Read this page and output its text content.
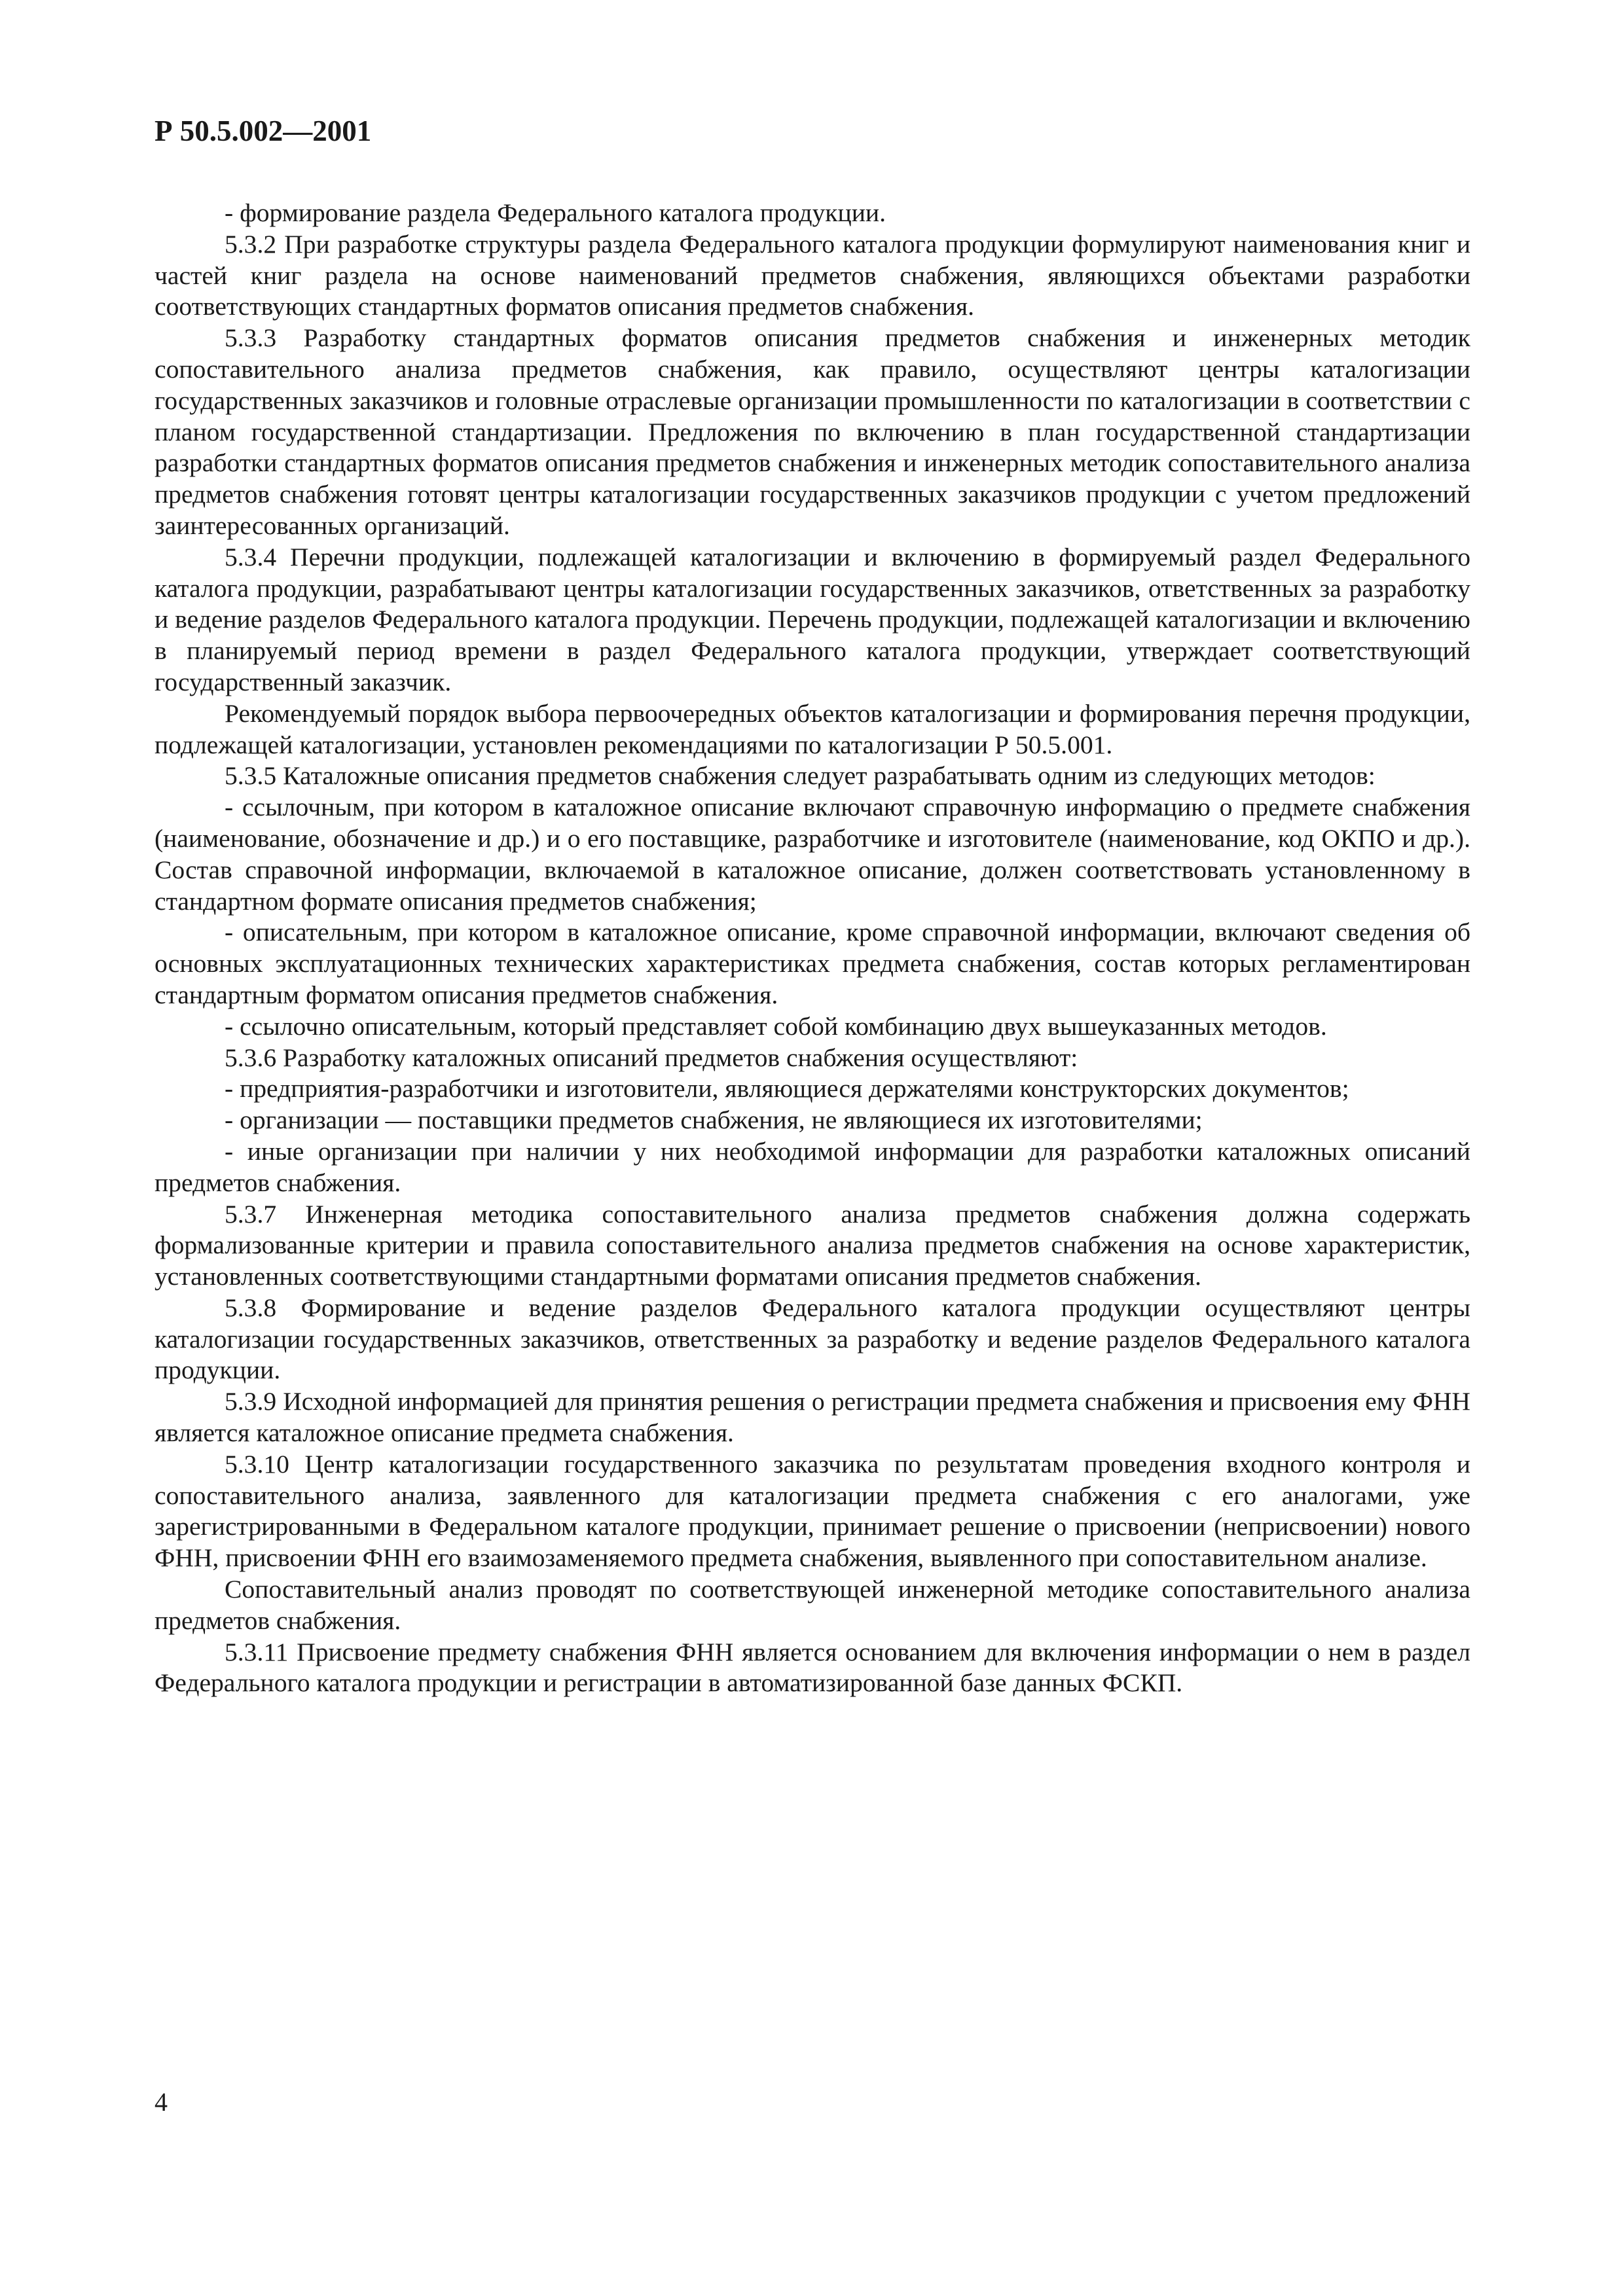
Р 50.5.002—2001

- формирование раздела Федерального каталога продукции.

5.3.2 При разработке структуры раздела Федерального каталога продукции формулируют наименования книг и частей книг раздела на основе наименований предметов снабжения, являющихся объектами разработки соответствующих стандартных форматов описания предметов снабжения.

5.3.3 Разработку стандартных форматов описания предметов снабжения и инженерных методик сопоставительного анализа предметов снабжения, как правило, осуществляют центры каталогизации государственных заказчиков и головные отраслевые организации промышленности по каталогизации в соответствии с планом государственной стандартизации. Предложения по включению в план государственной стандартизации разработки стандартных форматов описания предметов снабжения и инженерных методик сопоставительного анализа предметов снабжения готовят центры каталогизации государственных заказчиков продукции с учетом предложений заинтересованных организаций.

5.3.4 Перечни продукции, подлежащей каталогизации и включению в формируемый раздел Федерального каталога продукции, разрабатывают центры каталогизации государственных заказчиков, ответственных за разработку и ведение разделов Федерального каталога продукции. Перечень продукции, подлежащей каталогизации и включению в планируемый период времени в раздел Федерального каталога продукции, утверждает соответствующий государственный заказчик.

Рекомендуемый порядок выбора первоочередных объектов каталогизации и формирования перечня продукции, подлежащей каталогизации, установлен рекомендациями по каталогизации Р 50.5.001.

5.3.5 Каталожные описания предметов снабжения следует разрабатывать одним из следующих методов:

- ссылочным, при котором в каталожное описание включают справочную информацию о предмете снабжения (наименование, обозначение и др.) и о его поставщике, разработчике и изготовителе (наименование, код ОКПО и др.). Состав справочной информации, включаемой в каталожное описание, должен соответствовать установленному в стандартном формате описания предметов снабжения;

- описательным, при котором в каталожное описание, кроме справочной информации, включают сведения об основных эксплуатационных технических характеристиках предмета снабжения, состав которых регламентирован стандартным форматом описания предметов снабжения.

- ссылочно описательным, который представляет собой комбинацию двух вышеуказанных методов.

5.3.6 Разработку каталожных описаний предметов снабжения осуществляют:

- предприятия-разработчики и изготовители, являющиеся держателями конструкторских документов;

- организации — поставщики предметов снабжения, не являющиеся их изготовителями;

- иные организации при наличии у них необходимой информации для разработки каталожных описаний предметов снабжения.

5.3.7 Инженерная методика сопоставительного анализа предметов снабжения должна содержать формализованные критерии и правила сопоставительного анализа предметов снабжения на основе характеристик, установленных соответствующими стандартными форматами описания предметов снабжения.

5.3.8 Формирование и ведение разделов Федерального каталога продукции осуществляют центры каталогизации государственных заказчиков, ответственных за разработку и ведение разделов Федерального каталога продукции.

5.3.9 Исходной информацией для принятия решения о регистрации предмета снабжения и присвоения ему ФНН является каталожное описание предмета снабжения.

5.3.10 Центр каталогизации государственного заказчика по результатам проведения входного контроля и сопоставительного анализа, заявленного для каталогизации предмета снабжения с его аналогами, уже зарегистрированными в Федеральном каталоге продукции, принимает решение о присвоении (неприсвоении) нового ФНН, присвоении ФНН его взаимозаменяемого предмета снабжения, выявленного при сопоставительном анализе.

Сопоставительный анализ проводят по соответствующей инженерной методике сопоставительного анализа предметов снабжения.

5.3.11 Присвоение предмету снабжения ФНН является основанием для включения информации о нем в раздел Федерального каталога продукции и регистрации в автоматизированной базе данных ФСКП.

4
